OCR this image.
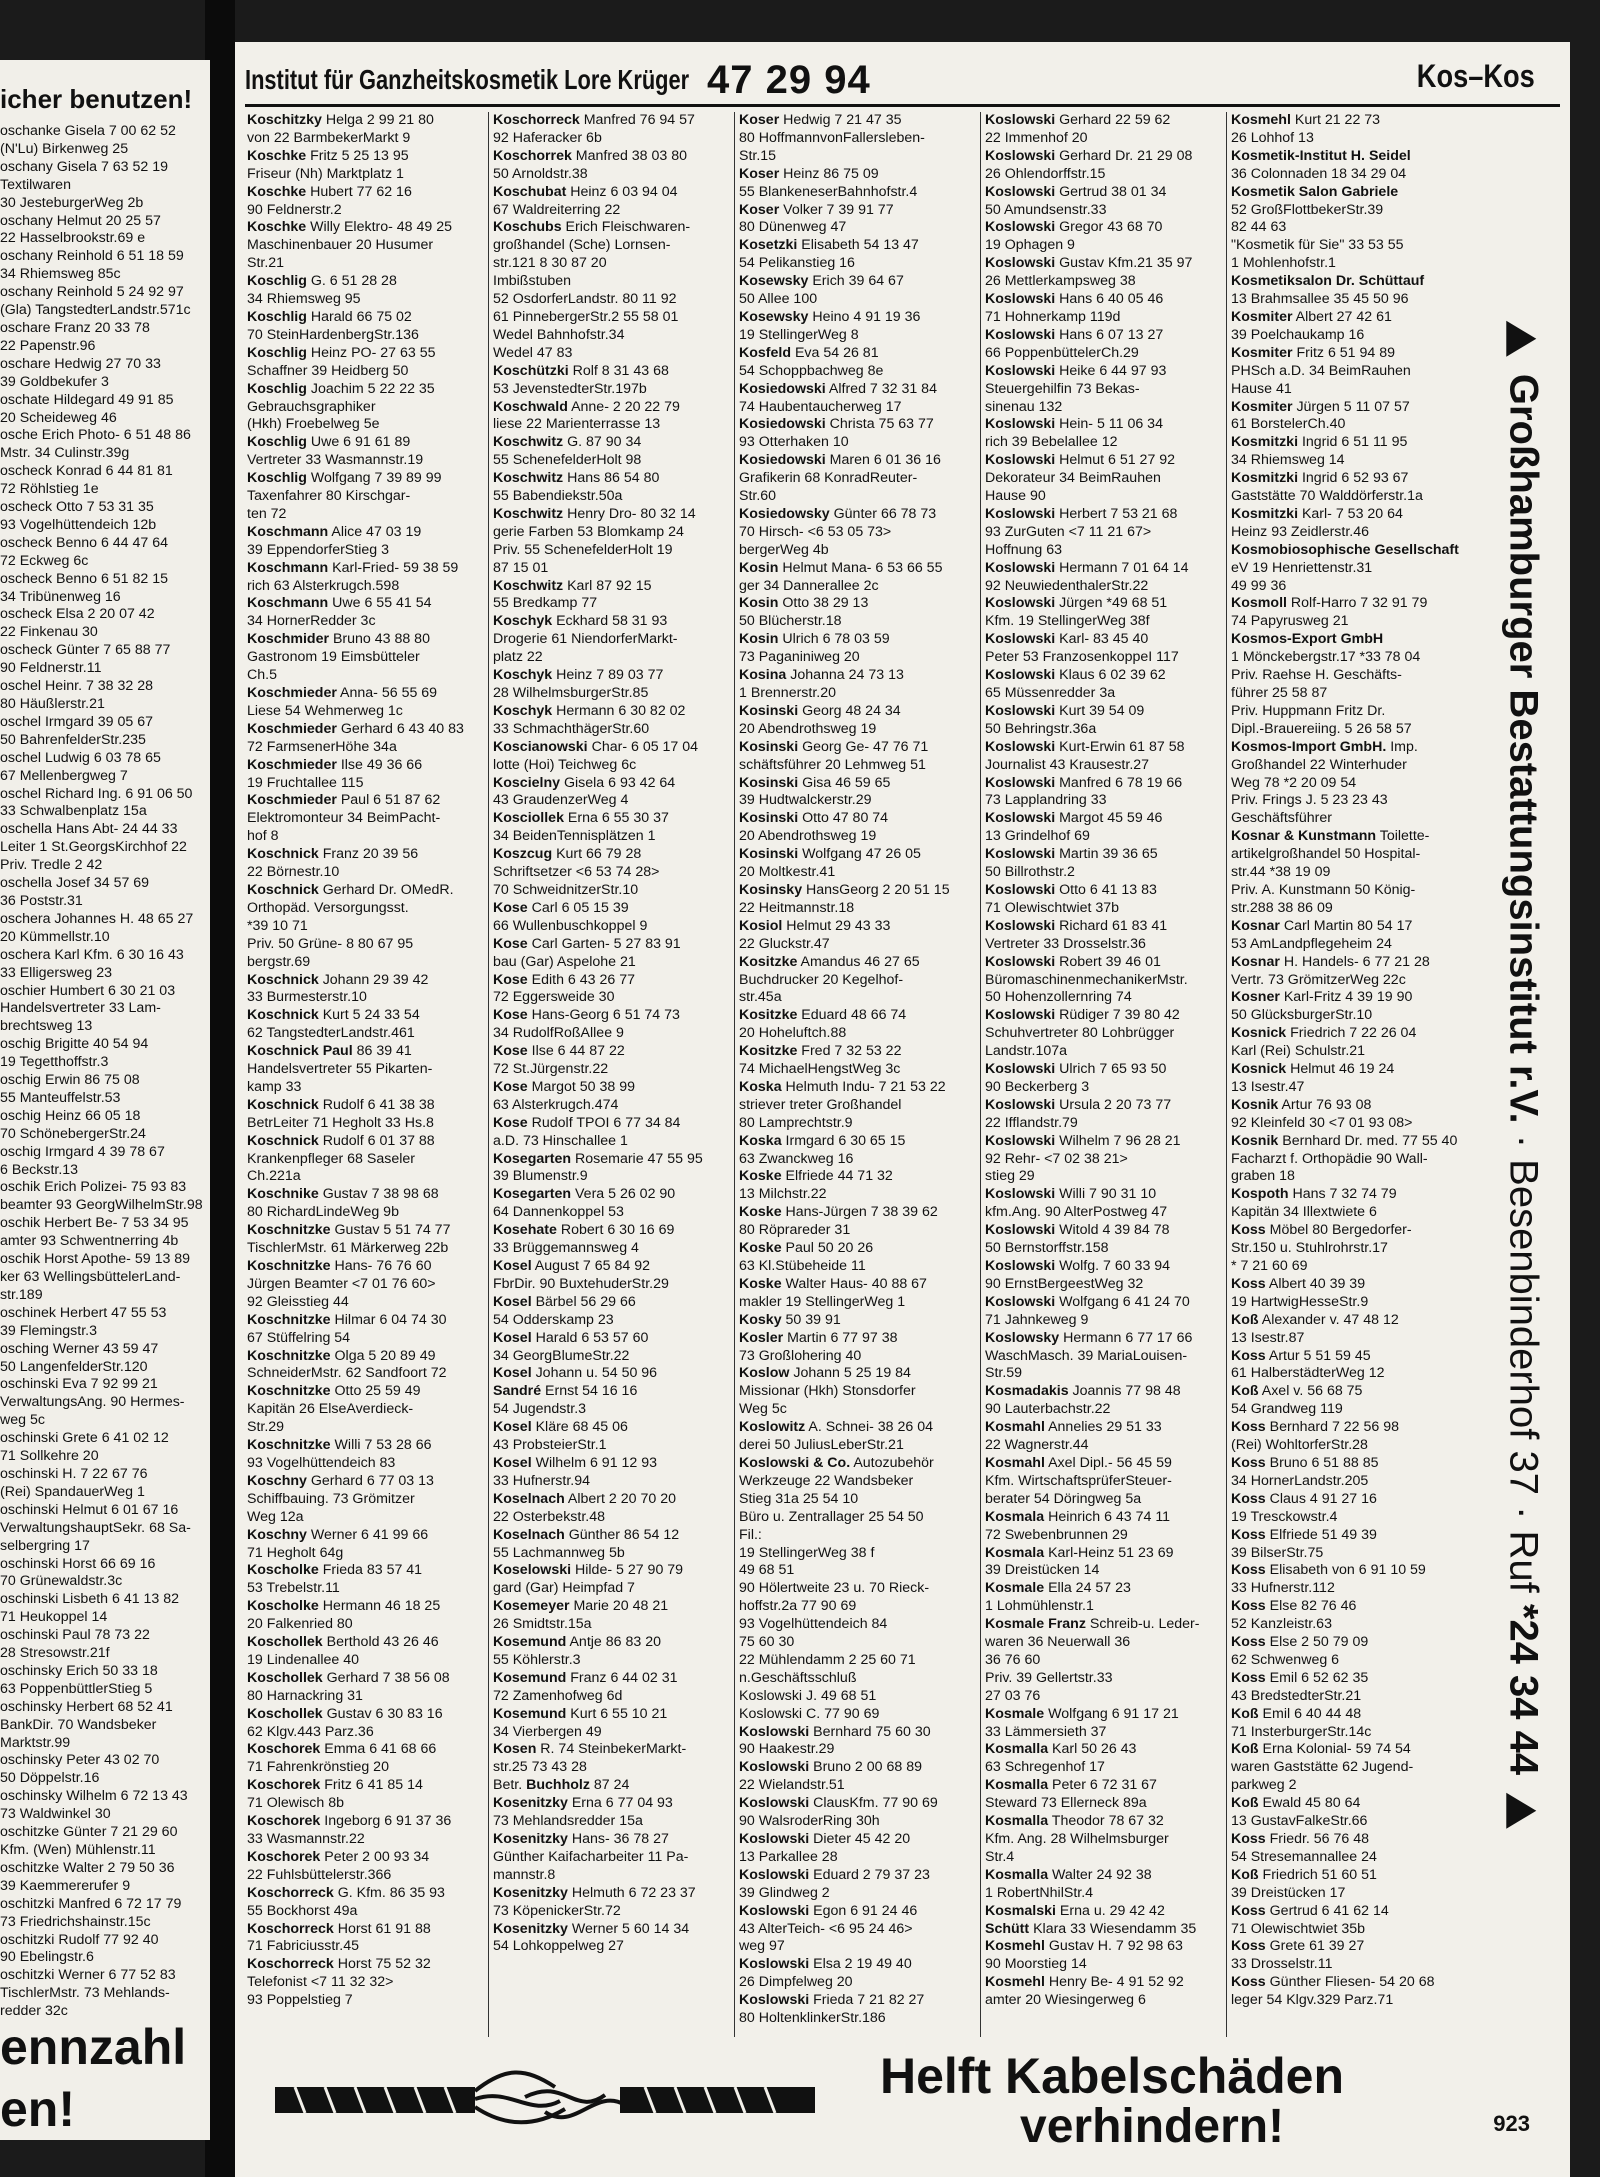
icher benutzen!
oschanke Gisela 7 00 62 52
(N'Lu) Birkenweg 25
oschany Gisela 7 63 52 19
Textilwaren
30 JesteburgerWeg 2b
oschany Helmut 20 25 57
22 Hasselbrookstr.69 e
oschany Reinhold 6 51 18 59
34 Rhiemsweg 85c
oschany Reinhold 5 24 92 97
(Gla) TangstedterLandstr.571c
oschare Franz 20 33 78
22 Papenstr.96
oschare Hedwig 27 70 33
39 Goldbekufer 3
oschate Hildegard 49 91 85
20 Scheideweg 46
osche Erich Photo- 6 51 48 86
Mstr. 34 Culinstr.39g
oscheck Konrad 6 44 81 81
72 Röhlstieg 1e
oscheck Otto 7 53 31 35
93 Vogelhüttendeich 12b
oscheck Benno 6 44 47 64
72 Eckweg 6c
oscheck Benno 6 51 82 15
34 Tribünenweg 16
oscheck Elsa 2 20 07 42
22 Finkenau 30
oscheck Günter 7 65 88 77
90 Feldnerstr.11
oschel Heinr. 7 38 32 28
80 Häußlerstr.21
oschel Irmgard 39 05 67
50 BahrenfelderStr.235
oschel Ludwig 6 03 78 65
67 Mellenbergweg 7
oschel Richard Ing. 6 91 06 50
33 Schwalbenplatz 15a
oschella Hans Abt- 24 44 33
Leiter 1 St.GeorgsKirchhof 22
Priv. Tredle 2 42
oschella Josef 34 57 69
36 Poststr.31
oschera Johannes H. 48 65 27
20 Kümmellstr.10
oschera Karl Kfm. 6 30 16 43
33 Elligersweg 23
oschier Humbert 6 30 21 03
Handelsvertreter 33 Lam-
brechtsweg 13
oschig Brigitte 40 54 94
19 Tegetthoffstr.3
oschig Erwin 86 75 08
55 Manteuffelstr.53
oschig Heinz 66 05 18
70 SchönebergerStr.24
oschig Irmgard 4 39 78 67
6 Beckstr.13
oschik Erich Polizei- 75 93 83
beamter 93 GeorgWilhelmStr.98
oschik Herbert Be- 7 53 34 95
amter 93 Schwentnerring 4b
oschik Horst Apothe- 59 13 89
ker 63 WellingsbüttelerLand-
str.189
oschinek Herbert 47 55 53
39 Flemingstr.3
osching Werner 43 59 47
50 LangenfelderStr.120
oschinski Eva 7 92 99 21
VerwaltungsAng. 90 Hermes-
weg 5c
oschinski Grete 6 41 02 12
71 Sollkehre 20
oschinski H. 7 22 67 76
(Rei) SpandauerWeg 1
oschinski Helmut 6 01 67 16
VerwaltungshauptSekr. 68 Sa-
selbergring 17
oschinski Horst 66 69 16
70 Grünewaldstr.3c
oschinski Lisbeth 6 41 13 82
71 Heukoppel 14
oschinski Paul 78 73 22
28 Stresowstr.21f
oschinsky Erich 50 33 18
63 PoppenbüttlerStieg 5
oschinsky Herbert 68 52 41
BankDir. 70 Wandsbeker
Marktstr.99
oschinsky Peter 43 02 70
50 Döppelstr.16
oschinsky Wilhelm 6 72 13 43
73 Waldwinkel 30
oschitzke Günter 7 21 29 60
Kfm. (Wen) Mühlenstr.11
oschitzke Walter 2 79 50 36
39 Kaemmererufer 9
oschitzki Manfred 6 72 17 79
73 Friedrichshainstr.15c
oschitzki Rudolf 77 92 40
90 Ebelingstr.6
oschitzki Werner 6 77 52 83
TischlerMstr. 73 Mehlands-
redder 32c
ennzahl
en!
Institut für Ganzheitskosmetik Lore Krüger 47 29 94	Kos–Kos
Koschitzky Helga 2 99 21 80
von 22 BarmbekerMarkt 9
Koschke Fritz 5 25 13 95
Friseur (Nh) Marktplatz 1
Koschke Hubert 77 62 16
90 Feldnerstr.2
Koschke Willy Elektro- 48 49 25
Maschinenbauer 20 Husumer
Str.21
Koschlig G. 6 51 28 28
34 Rhiemsweg 95
Koschlig Harald 66 75 02
70 SteinHardenbergStr.136
Koschlig Heinz PO- 27 63 55
Schaffner 39 Heidberg 50
Koschlig Joachim 5 22 22 35
Gebrauchsgraphiker
(Hkh) Froebelweg 5e
Koschlig Uwe 6 91 61 89
Vertreter 33 Wasmannstr.19
Koschlig Wolfgang 7 39 89 99
Taxenfahrer 80 Kirschgar-
ten 72
Koschmann Alice 47 03 19
39 EppendorferStieg 3
Koschmann Karl-Fried- 59 38 59
rich 63 Alsterkrugch.598
Koschmann Uwe 6 55 41 54
34 HornerRedder 3c
Koschmider Bruno 43 88 80
Gastronom 19 Eimsbütteler
Ch.5
Koschmieder Anna- 56 55 69
Liese 54 Wehmerweg 1c
Koschmieder Gerhard 6 43 40 83
72 FarmsenerHöhe 34a
Koschmieder Ilse 49 36 66
19 Fruchtallee 115
Koschmieder Paul 6 51 87 62
Elektromonteur 34 BeimPacht-
hof 8
Koschnick Franz 20 39 56
22 Börnestr.10
Koschnick Gerhard Dr. OMedR.
Orthopäd. Versorgungsst.
*39 10 71
Priv. 50 Grüne- 8 80 67 95
bergstr.69
Koschnick Johann 29 39 42
33 Burmesterstr.10
Koschnick Kurt 5 24 33 54
62 TangstedterLandstr.461
Koschnick Paul 86 39 41
Handelsvertreter 55 Pikarten-
kamp 33
Koschnick Rudolf 6 41 38 38
BetrLeiter 71 Hegholt 33 Hs.8
Koschnick Rudolf 6 01 37 88
Krankenpfleger 68 Saseler
Ch.221a
Koschnike Gustav 7 38 98 68
80 RichardLindeWeg 9b
Koschnitzke Gustav 5 51 74 77
TischlerMstr. 61 Märkerweg 22b
Koschnitzke Hans- 76 76 60
Jürgen Beamter <7 01 76 60>
92 Gleisstieg 44
Koschnitzke Hilmar 6 04 74 30
67 Stüffelring 54
Koschnitzke Olga 5 20 89 49
SchneiderMstr. 62 Sandfoort 72
Koschnitzke Otto 25 59 49
Kapitän 26 ElseAverdieck-
Str.29
Koschnitzke Willi 7 53 28 66
93 Vogelhüttendeich 83
Koschny Gerhard 6 77 03 13
Schiffbauing. 73 Grömitzer
Weg 12a
Koschny Werner 6 41 99 66
71 Hegholt 64g
Koscholke Frieda 83 57 41
53 Trebelstr.11
Koscholke Hermann 46 18 25
20 Falkenried 80
Koschollek Berthold 43 26 46
19 Lindenallee 40
Koschollek Gerhard 7 38 56 08
80 Harnackring 31
Koschollek Gustav 6 30 83 16
62 Klgv.443 Parz.36
Koschorek Emma 6 41 68 66
71 Fahrenkrönstieg 20
Koschorek Fritz 6 41 85 14
71 Olewisch 8b
Koschorek Ingeborg 6 91 37 36
33 Wasmannstr.22
Koschorek Peter 2 00 93 34
22 Fuhlsbüttelerstr.366
Koschorreck G. Kfm. 86 35 93
55 Bockhorst 49a
Koschorreck Horst 61 91 88
71 Fabriciusstr.45
Koschorreck Horst 75 52 32
Telefonist <7 11 32 32>
93 Poppelstieg 7
Koschorreck Manfred 76 94 57
92 Haferacker 6b
Koschorrek Manfred 38 03 80
50 Arnoldstr.38
Koschubat Heinz 6 03 94 04
67 Waldreiterring 22
Koschubs Erich Fleischwaren-
großhandel (Sche) Lornsen-
str.121 8 30 87 20
Imbißstuben
52 OsdorferLandstr. 80 11 92
61 PinnebergerStr.2 55 58 01
Wedel Bahnhofstr.34
Wedel 47 83
Koschützki Rolf 8 31 43 68
53 JevenstedterStr.197b
Koschwald Anne- 2 20 22 79
liese 22 Marienterrasse 13
Koschwitz G. 87 90 34
55 SchenefelderHolt 98
Koschwitz Hans 86 54 80
55 Babendiekstr.50a
Koschwitz Henry Dro- 80 32 14
gerie Farben 53 Blomkamp 24
Priv. 55 SchenefelderHolt 19
87 15 01
Koschwitz Karl 87 92 15
55 Bredkamp 77
Koschyk Eckhard 58 31 93
Drogerie 61 NiendorferMarkt-
platz 22
Koschyk Heinz 7 89 03 77
28 WilhelmsburgerStr.85
Koschyk Hermann 6 30 82 02
33 SchmachthägerStr.60
Koscianowski Char- 6 05 17 04
lotte (Hoi) Teichweg 6c
Koscielny Gisela 6 93 42 64
43 GraudenzerWeg 4
Kosciollek Erna 6 55 30 37
34 BeidenTennisplätzen 1
Koszcug Kurt 66 79 28
Schriftsetzer <6 53 74 28>
70 SchweidnitzerStr.10
Kose Carl 6 05 15 39
66 Wullenbuschkoppel 9
Kose Carl Garten- 5 27 83 91
bau (Gar) Aspelohe 21
Kose Edith 6 43 26 77
72 Eggersweide 30
Kose Hans-Georg 6 51 74 73
34 RudolfRoßAllee 9
Kose Ilse 6 44 87 22
72 St.Jürgenstr.22
Kose Margot 50 38 99
63 Alsterkrugch.474
Kose Rudolf TPOI 6 77 34 84
a.D. 73 Hinschallee 1
Kosegarten Rosemarie 47 55 95
39 Blumenstr.9
Kosegarten Vera 5 26 02 90
64 Dannenkoppel 53
Kosehate Robert 6 30 16 69
33 Brüggemannsweg 4
Kosel August 7 65 84 92
FbrDir. 90 BuxtehuderStr.29
Kosel Bärbel 56 29 66
54 Odderskamp 23
Kosel Harald 6 53 57 60
34 GeorgBlumeStr.22
Kosel Johann u. 54 50 96
Sandré Ernst 54 16 16
54 Jugendstr.3
Kosel Kläre 68 45 06
43 ProbsteierStr.1
Kosel Wilhelm 6 91 12 93
33 Hufnerstr.94
Koselnach Albert 2 20 70 20
22 Osterbekstr.48
Koselnach Günther 86 54 12
55 Lachmannweg 5b
Koselowski Hilde- 5 27 90 79
gard (Gar) Heimpfad 7
Kosemeyer Marie 20 48 21
26 Smidtstr.15a
Kosemund Antje 86 83 20
55 Köhlerstr.3
Kosemund Franz 6 44 02 31
72 Zamenhofweg 6d
Kosemund Kurt 6 55 10 21
34 Vierbergen 49
Kosen R. 74 SteinbekerMarkt-
str.25 73 43 28
Betr. Buchholz 87 24
Kosenitzky Erna 6 77 04 93
73 Mehlandsredder 15a
Kosenitzky Hans- 36 78 27
Günther Kaifacharbeiter 11 Pa-
mannstr.8
Kosenitzky Helmuth 6 72 23 37
73 KöpenickerStr.72
Kosenitzky Werner 5 60 14 34
54 Lohkoppelweg 27
Koser Hedwig 7 21 47 35
80 HoffmannvonFallersleben-
Str.15
Koser Heinz 86 75 09
55 BlankeneserBahnhofstr.4
Koser Volker 7 39 91 77
80 Dünenweg 47
Kosetzki Elisabeth 54 13 47
54 Pelikanstieg 16
Kosewsky Erich 39 64 67
50 Allee 100
Kosewsky Heino 4 91 19 36
19 StellingerWeg 8
Kosfeld Eva 54 26 81
54 Schoppbachweg 8e
Kosiedowski Alfred 7 32 31 84
74 Haubentaucherweg 17
Kosiedowski Christa 75 63 77
93 Otterhaken 10
Kosiedowski Maren 6 01 36 16
Grafikerin 68 KonradReuter-
Str.60
Kosiedowsky Günter 66 78 73
70 Hirsch- <6 53 05 73>
bergerWeg 4b
Kosin Helmut Mana- 6 53 66 55
ger 34 Dannerallee 2c
Kosin Otto 38 29 13
50 Blücherstr.18
Kosin Ulrich 6 78 03 59
73 Paganiniweg 20
Kosina Johanna 24 73 13
1 Brennerstr.20
Kosinski Georg 48 24 34
20 Abendrothsweg 19
Kosinski Georg Ge- 47 76 71
schäftsführer 20 Lehmweg 51
Kosinski Gisa 46 59 65
39 Hudtwalckerstr.29
Kosinski Otto 47 80 74
20 Abendrothsweg 19
Kosinski Wolfgang 47 26 05
20 Moltkestr.41
Kosinsky HansGeorg 2 20 51 15
22 Heitmannstr.18
Kosiol Helmut 29 43 33
22 Gluckstr.47
Kositzke Amandus 46 27 65
Buchdrucker 20 Kegelhof-
str.45a
Kositzke Eduard 48 66 74
20 Hoheluftch.88
Kositzke Fred 7 32 53 22
74 MichaelHengstWeg 3c
Koska Helmuth Indu- 7 21 53 22
striever treter Großhandel
80 Lamprechtstr.9
Koska Irmgard 6 30 65 15
63 Zwanckweg 16
Koske Elfriede 44 71 32
13 Milchstr.22
Koske Hans-Jürgen 7 38 39 62
80 Röprareder 31
Koske Paul 50 20 26
63 Kl.Stübeheide 11
Koske Walter Haus- 40 88 67
makler 19 StellingerWeg 1
Kosky 50 39 91
Kosler Martin 6 77 97 38
73 Großlohering 40
Koslow Johann 5 25 19 84
Missionar (Hkh) Stonsdorfer
Weg 5c
Koslowitz A. Schnei- 38 26 04
derei 50 JuliusLeberStr.21
Koslowski & Co. Autozubehör
Werkzeuge 22 Wandsbeker
Stieg 31a 25 54 10
Büro u. Zentrallager 25 54 50
Fil.:
19 StellingerWeg 38 f
49 68 51
90 Hölertweite 23 u. 70 Rieck-
hoffstr.2a 77 90 69
93 Vogelhüttendeich 84
75 60 30
22 Mühlendamm 2 25 60 71
n.Geschäftsschluß
Koslowski J. 49 68 51
Koslowski C. 77 90 69
Koslowski Bernhard 75 60 30
90 Haakestr.29
Koslowski Bruno 2 00 68 89
22 Wielandstr.51
Koslowski ClausKfm. 77 90 69
90 WalsroderRing 30h
Koslowski Dieter 45 42 20
13 Parkallee 28
Koslowski Eduard 2 79 37 23
39 Glindweg 2
Koslowski Egon 6 91 24 46
43 AlterTeich- <6 95 24 46>
weg 97
Koslowski Elsa 2 19 49 40
26 Dimpfelweg 20
Koslowski Frieda 7 21 82 27
80 HoltenklinkerStr.186
Koslowski Gerhard 22 59 62
22 Immenhof 20
Koslowski Gerhard Dr. 21 29 08
26 Ohlendorffstr.15
Koslowski Gertrud 38 01 34
50 Amundsenstr.33
Koslowski Gregor 43 68 70
19 Ophagen 9
Koslowski Gustav Kfm.21 35 97
26 Mettlerkampsweg 38
Koslowski Hans 6 40 05 46
71 Hohnerkamp 119d
Koslowski Hans 6 07 13 27
66 PoppenbüttelerCh.29
Koslowski Heike 6 44 97 93
Steuergehilfin 73 Bekas-
sinenau 132
Koslowski Hein- 5 11 06 34
rich 39 Bebelallee 12
Koslowski Helmut 6 51 27 92
Dekorateur 34 BeimRauhen
Hause 90
Koslowski Herbert 7 53 21 68
93 ZurGuten <7 11 21 67>
Hoffnung 63
Koslowski Hermann 7 01 64 14
92 NeuwiedenthalerStr.22
Koslowski Jürgen *49 68 51
Kfm. 19 StellingerWeg 38f
Koslowski Karl- 83 45 40
Peter 53 FranzosenkoppeI 117
Koslowski Klaus 6 02 39 62
65 Müssenredder 3a
Koslowski Kurt 39 54 09
50 Behringstr.36a
Koslowski Kurt-Erwin 61 87 58
Journalist 43 Krausestr.27
Koslowski Manfred 6 78 19 66
73 Lapplandring 33
Koslowski Margot 45 59 46
13 Grindelhof 69
Koslowski Martin 39 36 65
50 Billrothstr.2
Koslowski Otto 6 41 13 83
71 Olewischtwiet 37b
Koslowski Richard 61 83 41
Vertreter 33 Drosselstr.36
Koslowski Robert 39 46 01
BüromaschinenmechanikerMstr.
50 Hohenzollernring 74
Koslowski Rüdiger 7 39 80 42
Schuhvertreter 80 Lohbrügger
Landstr.107a
Koslowski Ulrich 7 65 93 50
90 Beckerberg 3
Koslowski Ursula 2 20 73 77
22 Ifflandstr.79
Koslowski Wilhelm 7 96 28 21
92 Rehr- <7 02 38 21>
stieg 29
Koslowski Willi 7 90 31 10
kfm.Ang. 90 AlterPostweg 47
Koslowski Witold 4 39 84 78
50 Bernstorffstr.158
Koslowski Wolfg. 7 60 33 94
90 ErnstBergeestWeg 32
Koslowski Wolfgang 6 41 24 70
71 Jahnkeweg 9
Koslowsky Hermann 6 77 17 66
WaschMasch. 39 MariaLouisen-
Str.59
Kosmadakis Joannis 77 98 48
90 Lauterbachstr.22
Kosmahl Annelies 29 51 33
22 Wagnerstr.44
Kosmahl Axel Dipl.- 56 45 59
Kfm. WirtschaftsprüferSteuer-
berater 54 Döringweg 5a
Kosmala Heinrich 6 43 74 11
72 Swebenbrunnen 29
Kosmala Karl-Heinz 51 23 69
39 Dreistücken 14
Kosmale Ella 24 57 23
1 Lohmühlenstr.1
Kosmale Franz Schreib-u. Leder-
waren 36 Neuerwall 36
36 76 60
Priv. 39 Gellertstr.33
27 03 76
Kosmale Wolfgang 6 91 17 21
33 Lämmersieth 37
Kosmalla Karl 50 26 43
63 Schregenhof 17
Kosmalla Peter 6 72 31 67
Steward 73 Ellerneck 89a
Kosmalla Theodor 78 67 32
Kfm. Ang. 28 Wilhelmsburger
Str.4
Kosmalla Walter 24 92 38
1 RobertNhilStr.4
Kosmalski Erna u. 29 42 42
Schütt Klara 33 Wiesendamm 35
Kosmehl Gustav H. 7 92 98 63
90 Moorstieg 14
Kosmehl Henry Be- 4 91 52 92
amter 20 Wiesingerweg 6
Kosmehl Kurt 21 22 73
26 Lohhof 13
Kosmetik-Institut H. Seidel
36 Colonnaden 18 34 29 04
Kosmetik Salon Gabriele
52 GroßFlottbekerStr.39
82 44 63
"Kosmetik für Sie" 33 53 55
1 Mohlenhofstr.1
Kosmetiksalon Dr. Schüttauf
13 Brahmsallee 35 45 50 96
Kosmiter Albert 27 42 61
39 Poelchaukamp 16
Kosmiter Fritz 6 51 94 89
PHSch a.D. 34 BeimRauhen
Hause 41
Kosmiter Jürgen 5 11 07 57
61 BorstelerCh.40
Kosmitzki Ingrid 6 51 11 95
34 Rhiemsweg 14
Kosmitzki Ingrid 6 52 93 67
Gaststätte 70 Walddörferstr.1a
Kosmitzki Karl- 7 53 20 64
Heinz 93 Zeidlerstr.46
Kosmobiosophische Gesellschaft
eV 19 Henriettenstr.31
49 99 36
Kosmoll Rolf-Harro 7 32 91 79
74 Papyrusweg 21
Kosmos-Export GmbH
1 Mönckebergstr.17 *33 78 04
Priv. Raehse H. Geschäfts-
führer 25 58 87
Priv. Huppmann Fritz Dr.
Dipl.-Brauereiing. 5 26 58 57
Kosmos-Import GmbH. Imp.
Großhandel 22 Winterhuder
Weg 78 *2 20 09 54
Priv. Frings J. 5 23 23 43
Geschäftsführer
Kosnar & Kunstmann Toilette-
artikelgroßhandel 50 Hospital-
str.44 *38 19 09
Priv. A. Kunstmann 50 König-
str.288 38 86 09
Kosnar Carl Martin 80 54 17
53 AmLandpflegeheim 24
Kosnar H. Handels- 6 77 21 28
Vertr. 73 GrömitzerWeg 22c
Kosner Karl-Fritz 4 39 19 90
50 GlücksburgerStr.10
Kosnick Friedrich 7 22 26 04
Karl (Rei) Schulstr.21
Kosnick Helmut 46 19 24
13 Isestr.47
Kosnik Artur 76 93 08
92 Kleinfeld 30 <7 01 93 08>
Kosnik Bernhard Dr. med. 77 55 40
Facharzt f. Orthopädie 90 Wall-
graben 18
Kospoth Hans 7 32 74 79
Kapitän 34 Illextwiete 6
Koss Möbel 80 Bergedorfer-
Str.150 u. Stuhlrohrstr.17
* 7 21 60 69
Koss Albert 40 39 39
19 HartwigHesseStr.9
Koß Alexander v. 47 48 12
13 Isestr.87
Koss Artur 5 51 59 45
61 HalberstädterWeg 12
Koß Axel v. 56 68 75
54 Grandweg 119
Koss Bernhard 7 22 56 98
(Rei) WohltorferStr.28
Koss Bruno 6 51 88 85
34 HornerLandstr.205
Koss Claus 4 91 27 16
19 Tresckowstr.4
Koss Elfriede 51 49 39
39 BilserStr.75
Koss Elisabeth von 6 91 10 59
33 Hufnerstr.112
Koss Else 82 76 46
52 Kanzleistr.63
Koss Else 2 50 79 09
62 Schwenweg 6
Koss Emil 6 52 62 35
43 BredstedterStr.21
Koß Emil 6 40 44 48
71 InsterburgerStr.14c
Koß Erna Kolonial- 59 74 54
waren Gaststätte 62 Jugend-
parkweg 2
Koß Ewald 45 80 64
13 GustavFalkeStr.66
Koss Friedr. 56 76 48
54 Stresemannallee 24
Koß Friedrich 51 60 51
39 Dreistücken 17
Koss Gertrud 6 41 62 14
71 Olewischtwiet 35b
Koss Grete 61 39 27
33 Drosselstr.11
Koss Günther Fliesen- 54 20 68
leger 54 Klgv.329 Parz.71
Großhamburger Bestattungsinstitut r.V. · Besenbinderhof 37 · Ruf *24 34 44
Helft Kabelschäden
verhindern!	923
